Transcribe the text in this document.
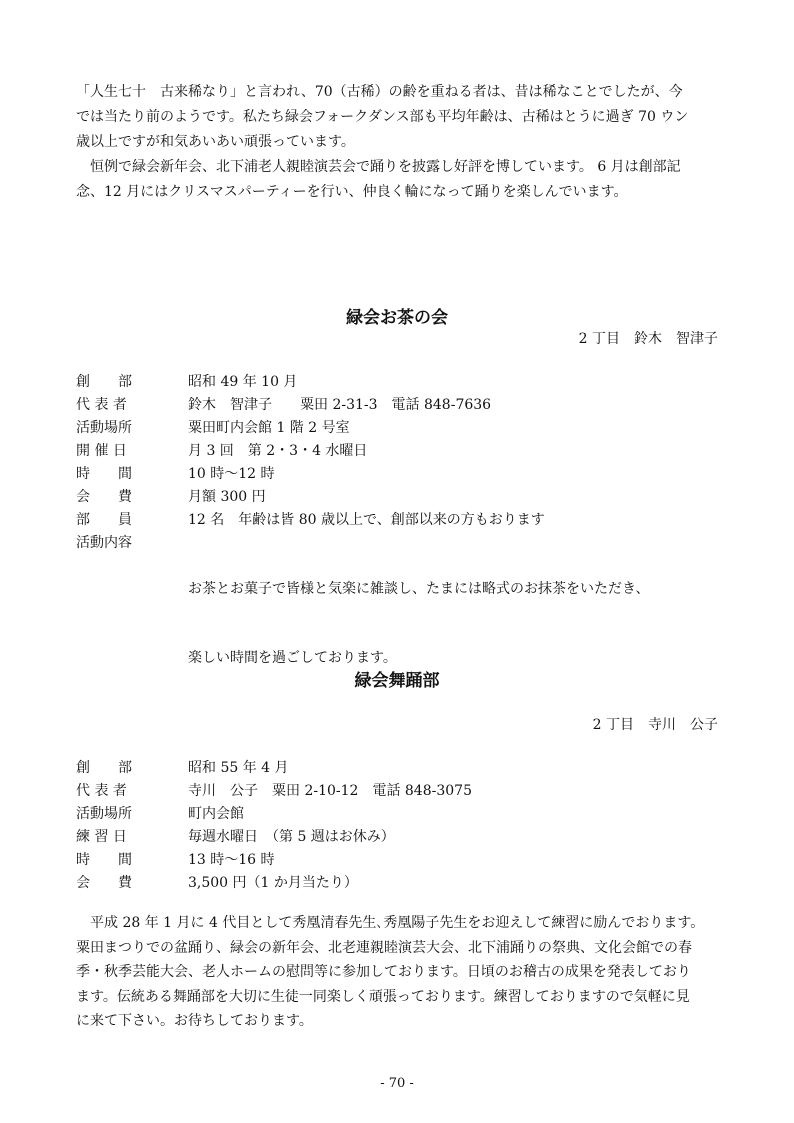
「人生七十　古来稀なり」と言われ、70（古稀）の齢を重ねる者は、昔は稀なことでしたが、今
では当たり前のようです。私たち緑会フォークダンス部も平均年齢は、古稀はとうに過ぎ 70 ウン
歳以上ですが和気あいあい頑張っています。
　恒例で緑会新年会、北下浦老人親睦演芸会で踊りを披露し好評を博しています。 6 月は創部記
念、12 月にはクリスマスパーティーを行い、仲良く輪になって踊りを楽しんでいます。
緑会お茶の会
2 丁目　鈴木　智津子
創　　部	昭和 49 年 10 月
代 表 者	鈴木　智津子　　粟田 2-31-3　電話 848-7636
活動場所	粟田町内会館 1 階 2 号室
開 催 日	月 3 回　第 2・3・4 水曜日
時　　間	10 時～12 時
会　　費	月額 300 円
部　　員	12 名　年齢は皆 80 歳以上で、創部以来の方もおります
活動内容

お茶とお菓子で皆様と気楽に雑談し、たまには略式のお抹茶をいただき、

楽しい時間を過ごしております。

緑会舞踊部
2 丁目　寺川　公子
創　　部	昭和 55 年 4 月
代 表 者	寺川　公子　粟田 2-10-12　電話 848-3075
活動場所	町内会館
練 習 日	毎週水曜日　（第 5 週はお休み）
時　　間	13 時～16 時
会　　費	3,500 円（1 か月当たり）
　平成 28 年 1 月に 4 代目として秀凰清春先生､秀凰陽子先生をお迎えして練習に励んでおります。
粟田まつりでの盆踊り、緑会の新年会、北老連親睦演芸大会、北下浦踊りの祭典、文化会館での春
季・秋季芸能大会、老人ホームの慰問等に参加しております。日頃のお稽古の成果を発表しており
ます。伝統ある舞踊部を大切に生徒一同楽しく頑張っております。練習しておりますので気軽に見
に来て下さい。お待ちしております。
- 70 -
